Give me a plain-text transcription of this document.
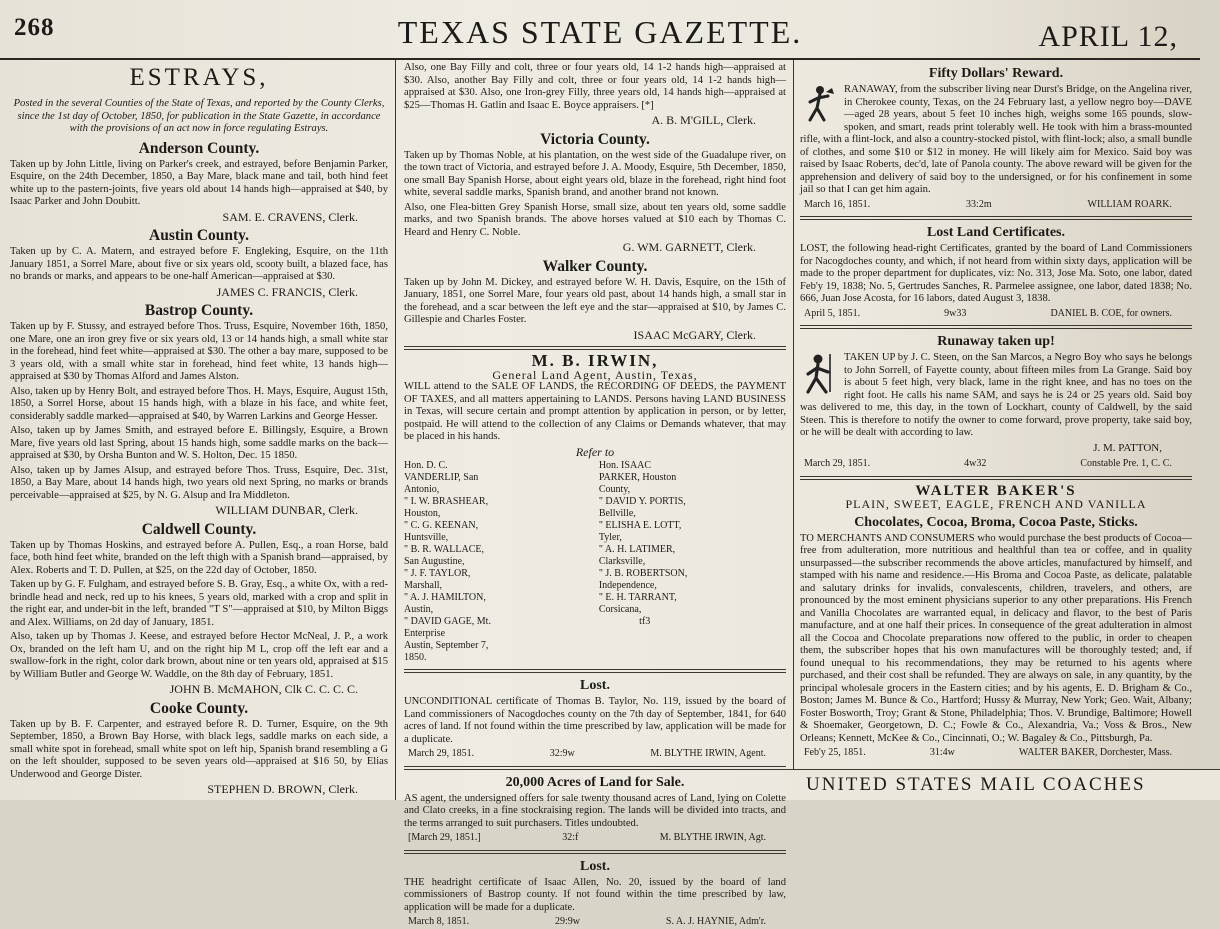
268	TEXAS STATE GAZETTE.	APRIL 12,
ESTRAYS,

Posted in the several Counties of the State of Texas, and reported by the County Clerks, since the 1st day of October, 1850, for publication in the State Gazette, in accordance with the provisions of an act now in force regulating Estrays.

Anderson County.

Taken up by John Little, living on Parker's creek, and estrayed, before Benjamin Parker, Esquire, on the 24th December, 1850, a Bay Mare, black mane and tail, both hind feet white up to the pastern-joints, five years old about 14 hands high—appraised at $40, by Isaac Parker and John Doubitt.

SAM. E. CRAVENS, Clerk.
Austin County.

Taken up by C. A. Matern, and estrayed before F. Engleking, Esquire, on the 11th January 1851, a Sorrel Mare, about five or six years old, scooty built, a blazed face, has no brands or marks, and appears to be one-half American—appraised at $30.

JAMES C. FRANCIS, Clerk.
Bastrop County.

Taken up by F. Stussy, and estrayed before Thos. Truss, Esquire, November 16th, 1850, one Mare, one an iron grey five or six years old, 13 or 14 hands high, a small white star in the forehead, hind feet white—appraised at $30. The other a bay mare, supposed to be 3 years old, with a small white star in forehead, hind feet white, 13 hands high—appraised at $30 by Thomas Alford and James Alston.

Also, taken up by Henry Bolt, and estrayed before Thos. H. Mays, Esquire, August 15th, 1850, a Sorrel Horse, about 15 hands high, with a blaze in his face, and white feet, considerably saddle marked—appraised at $40, by Warren Larkins and George Hesser.

Also, taken up by James Smith, and estrayed before E. Billingsly, Esquire, a Brown Mare, five years old last Spring, about 15 hands high, some saddle marks on the back—appraised at $30, by Orsha Bunton and W. S. Holton, Dec. 15 1850.

Also, taken up by James Alsup, and estrayed before Thos. Truss, Esquire, Dec. 31st, 1850, a Bay Mare, about 14 hands high, two years old next Spring, no marks or brands perceivable—appraised at $25, by N. G. Alsup and Ira Middleton.

WILLIAM DUNBAR, Clerk.
Caldwell County.

Taken up by Thomas Hoskins, and estrayed before A. Pullen, Esq., a roan Horse, bald face, both hind feet white, branded on the left thigh with a Spanish brand—appraised, by Alex. Roberts and T. D. Pullen, at $25, on the 22d day of October, 1850.

Taken up by G. F. Fulgham, and estrayed before S. B. Gray, Esq., a white Ox, with a red-brindle head and neck, red up to his knees, 5 years old, marked with a crop and split in the right ear, and under-bit in the left, branded "T S"—appraised at $10, by Milton Biggs and Alex. Williams, on 2d day of January, 1851.

Also, taken up by Thomas J. Keese, and estrayed before Hector McNeal, J. P., a work Ox, branded on the left ham U, and on the right hip M L, crop off the left ear and a swallow-fork in the right, color dark brown, about nine or ten years old, appraised at $15 by William Butler and George W. Waddle, on the 8th day of February, 1851.

JOHN B. McMAHON, Clk C. C. C. C.
Cooke County.

Taken up by B. F. Carpenter, and estrayed before R. D. Turner, Esquire, on the 9th September, 1850, a Brown Bay Horse, with black legs, saddle marks on each side, a small white spot in forehead, small white spot on left hip, Spanish brand resembling a G on the left shoulder, supposed to be seven years old—appraised at $16 50, by Elias Underwood and George Dister.

STEPHEN D. BROWN, Clerk.

Also, one Bay Filly and colt, three or four years old, 14 1-2 hands high—appraised at $30. Also, another Bay Filly and colt, three or four years old, 14 1-2 hands high—appraised at $30. Also, one Iron-grey Filly, three years old, 14 hands high—appraised at $25—Thomas H. Gatlin and Isaac E. Boyce appraisers. [*]

A. B. M'GILL, Clerk.
Victoria County.

Taken up by Thomas Noble, at his plantation, on the west side of the Guadalupe river, on the town tract of Victoria, and estrayed before J. A. Moody, Esquire, 5th December, 1850, one small Bay Spanish Horse, about eight years old, blaze in the forehead, right hind foot white, several saddle marks, Spanish brand, and another brand not known.

Also, one Flea-bitten Grey Spanish Horse, small size, about ten years old, some saddle marks, and two Spanish brands. The above horses valued at $10 each by Thomas C. Heard and Henry C. Noble.

G. WM. GARNETT, Clerk.
Walker County.

Taken up by John M. Dickey, and estrayed before W. H. Davis, Esquire, on the 15th of January, 1851, one Sorrel Mare, four years old past, about 14 hands high, a small star in the forehead, and a scar between the left eye and the star—appraised at $10, by James C. Gillespie and Charles Foster.

ISAAC McGARY, Clerk.
M. B. IRWIN,
General Land Agent, Austin, Texas,

WILL attend to the SALE OF LANDS, the RECORDING OF DEEDS, the PAYMENT OF TAXES, and all matters appertaining to LANDS. Persons having LAND BUSINESS in Texas, will secure certain and prompt attention by application in person, or by letter, postpaid. He will attend to the collection of any Claims or Demands whatever, that may be placed in his hands.

Refer to
Hon. D. C. VANDERLIP, San Antonio,
" I. W. BRASHEAR, Houston,
" C. G. KEENAN, Huntsville,
" B. R. WALLACE, San Augustine,
" J. F. TAYLOR, Marshall,
" A. J. HAMILTON, Austin,
" DAVID GAGE, Mt. Enterprise
Austin, September 7, 1850.
Hon. ISAAC PARKER, Houston County,
" DAVID Y. PORTIS, Bellville,
" ELISHA E. LOTT, Tyler,
" A. H. LATIMER, Clarksville,
" J. B. ROBERTSON, Independence,
" E. H. TARRANT, Corsicana,
tf3
Lost.

UNCONDITIONAL certificate of Thomas B. Taylor, No. 119, issued by the board of Land commissioners of Nacogdoches county on the 7th day of September, 1841, for 640 acres of land. If not found within the time prescribed by law, application will be made for a duplicate.

March 29, 1851.	32:9w	M. BLYTHE IRWIN, Agent.
20,000 Acres of Land for Sale.

AS agent, the undersigned offers for sale twenty thousand acres of Land, lying on Colette and Clato creeks, in a fine stockraising region. The lands will be divided into tracts, and the terms arranged to suit purchasers. Titles undoubted.

[March 29, 1851.]	32:f	M. BLYTHE IRWIN, Agt.
Lost.

THE headright certificate of Isaac Allen, No. 20, issued by the board of land commissioners of Bastrop county. If not found within the time prescribed by law, application will be made for a duplicate.

March 8, 1851.	29:9w	S. A. J. HAYNIE, Adm'r.
Fifty Dollars' Reward.

RANAWAY, from the subscriber living near Durst's Bridge, on the Angelina river, in Cherokee county, Texas, on the 24 February last, a yellow negro boy—DAVE—aged 28 years, about 5 feet 10 inches high, weighs some 165 pounds, slow-spoken, and smart, reads print tolerably well. He took with him a brass-mounted rifle, with a flint-lock, and also a country-stocked pistol, with flint-lock; also, a small bundle of clothes, and some $10 or $12 in money. He will likely aim for Mexico. Said boy was raised by Isaac Roberts, dec'd, late of Panola county. The above reward will be given for the apprehension and delivery of said boy to the undersigned, or for his confinement in some jail so that I can get him again.

March 16, 1851.	33:2m	WILLIAM ROARK.
Lost Land Certificates.

LOST, the following head-right Certificates, granted by the board of Land Commissioners for Nacogdoches county, and which, if not heard from within sixty days, application will be made to the proper department for duplicates, viz: No. 313, Jose Ma. Soto, one labor, dated Feb'y 19, 1838; No. 5, Gertrudes Sanches, R. Parmelee assignee, one labor, dated 1838; No. 666, Juan Jose Acosta, for 16 labors, dated August 3, 1838.

April 5, 1851.	9w33	DANIEL B. COE, for owners.
Runaway taken up!

TAKEN UP by J. C. Steen, on the San Marcos, a Negro Boy who says he belongs to John Sorrell, of Fayette county, about fifteen miles from La Grange. Said boy is about 5 feet high, very black, lame in the right knee, and has no toes on the right foot. He calls his name SAM, and says he is 24 or 25 years old. Said boy was delivered to me, this day, in the town of Lockhart, county of Caldwell, by the said Steen. This is therefore to notify the owner to come forward, prove property, take said boy, or he will be dealt with according to law.

J. M. PATTON,
March 29, 1851.	4w32	Constable Pre. 1, C. C.
WALTER BAKER'S
PLAIN, SWEET, EAGLE, FRENCH AND VANILLA
Chocolates, Cocoa, Broma, Cocoa Paste, Sticks.

TO MERCHANTS AND CONSUMERS who would purchase the best products of Cocoa—free from adulteration, more nutritious and healthful than tea or coffee, and in quality unsurpassed—the subscriber recommends the above articles, manufactured by himself, and stamped with his name and residence.—His Broma and Cocoa Paste, as delicate, palatable and salutary drinks for invalids, convalescents, children, travelers, and others, are pronounced by the most eminent physicians superior to any other preparations. His French and Vanilla Chocolates are warranted equal, in delicacy and flavor, to the best of Paris manufacture, and at one half their prices. In consequence of the great adulteration in almost all the Cocoa and Chocolate preparations now offered to the public, in order to cheapen them, the subscriber hopes that his own manufactures will be thoroughly tested; and, if found unequal to his recommendations, they may be returned to his agents where purchased, and their cost shall be refunded. They are always on sale, in any quantity, by the principal wholesale grocers in the Eastern cities; and by his agents, E. D. Brigham & Co., Boston; James M. Bunce & Co., Hartford; Hussy & Murray, New York; Geo. Wait, Albany; Foster Bosworth, Troy; Grant & Stone, Philadelphia; Thos. V. Brundige, Baltimore; Howell & Shoemaker, Georgetown, D. C.; Fowle & Co., Alexandria, Va.; Voss & Bros., New Orleans; Kennett, McKee & Co., Cincinnati, O.; W. Bagaley & Co., Pittsburgh, Pa.

Feb'y 25, 1851.	31:4w	WALTER BAKER, Dorchester, Mass.
UNITED STATES MAIL COACHES
